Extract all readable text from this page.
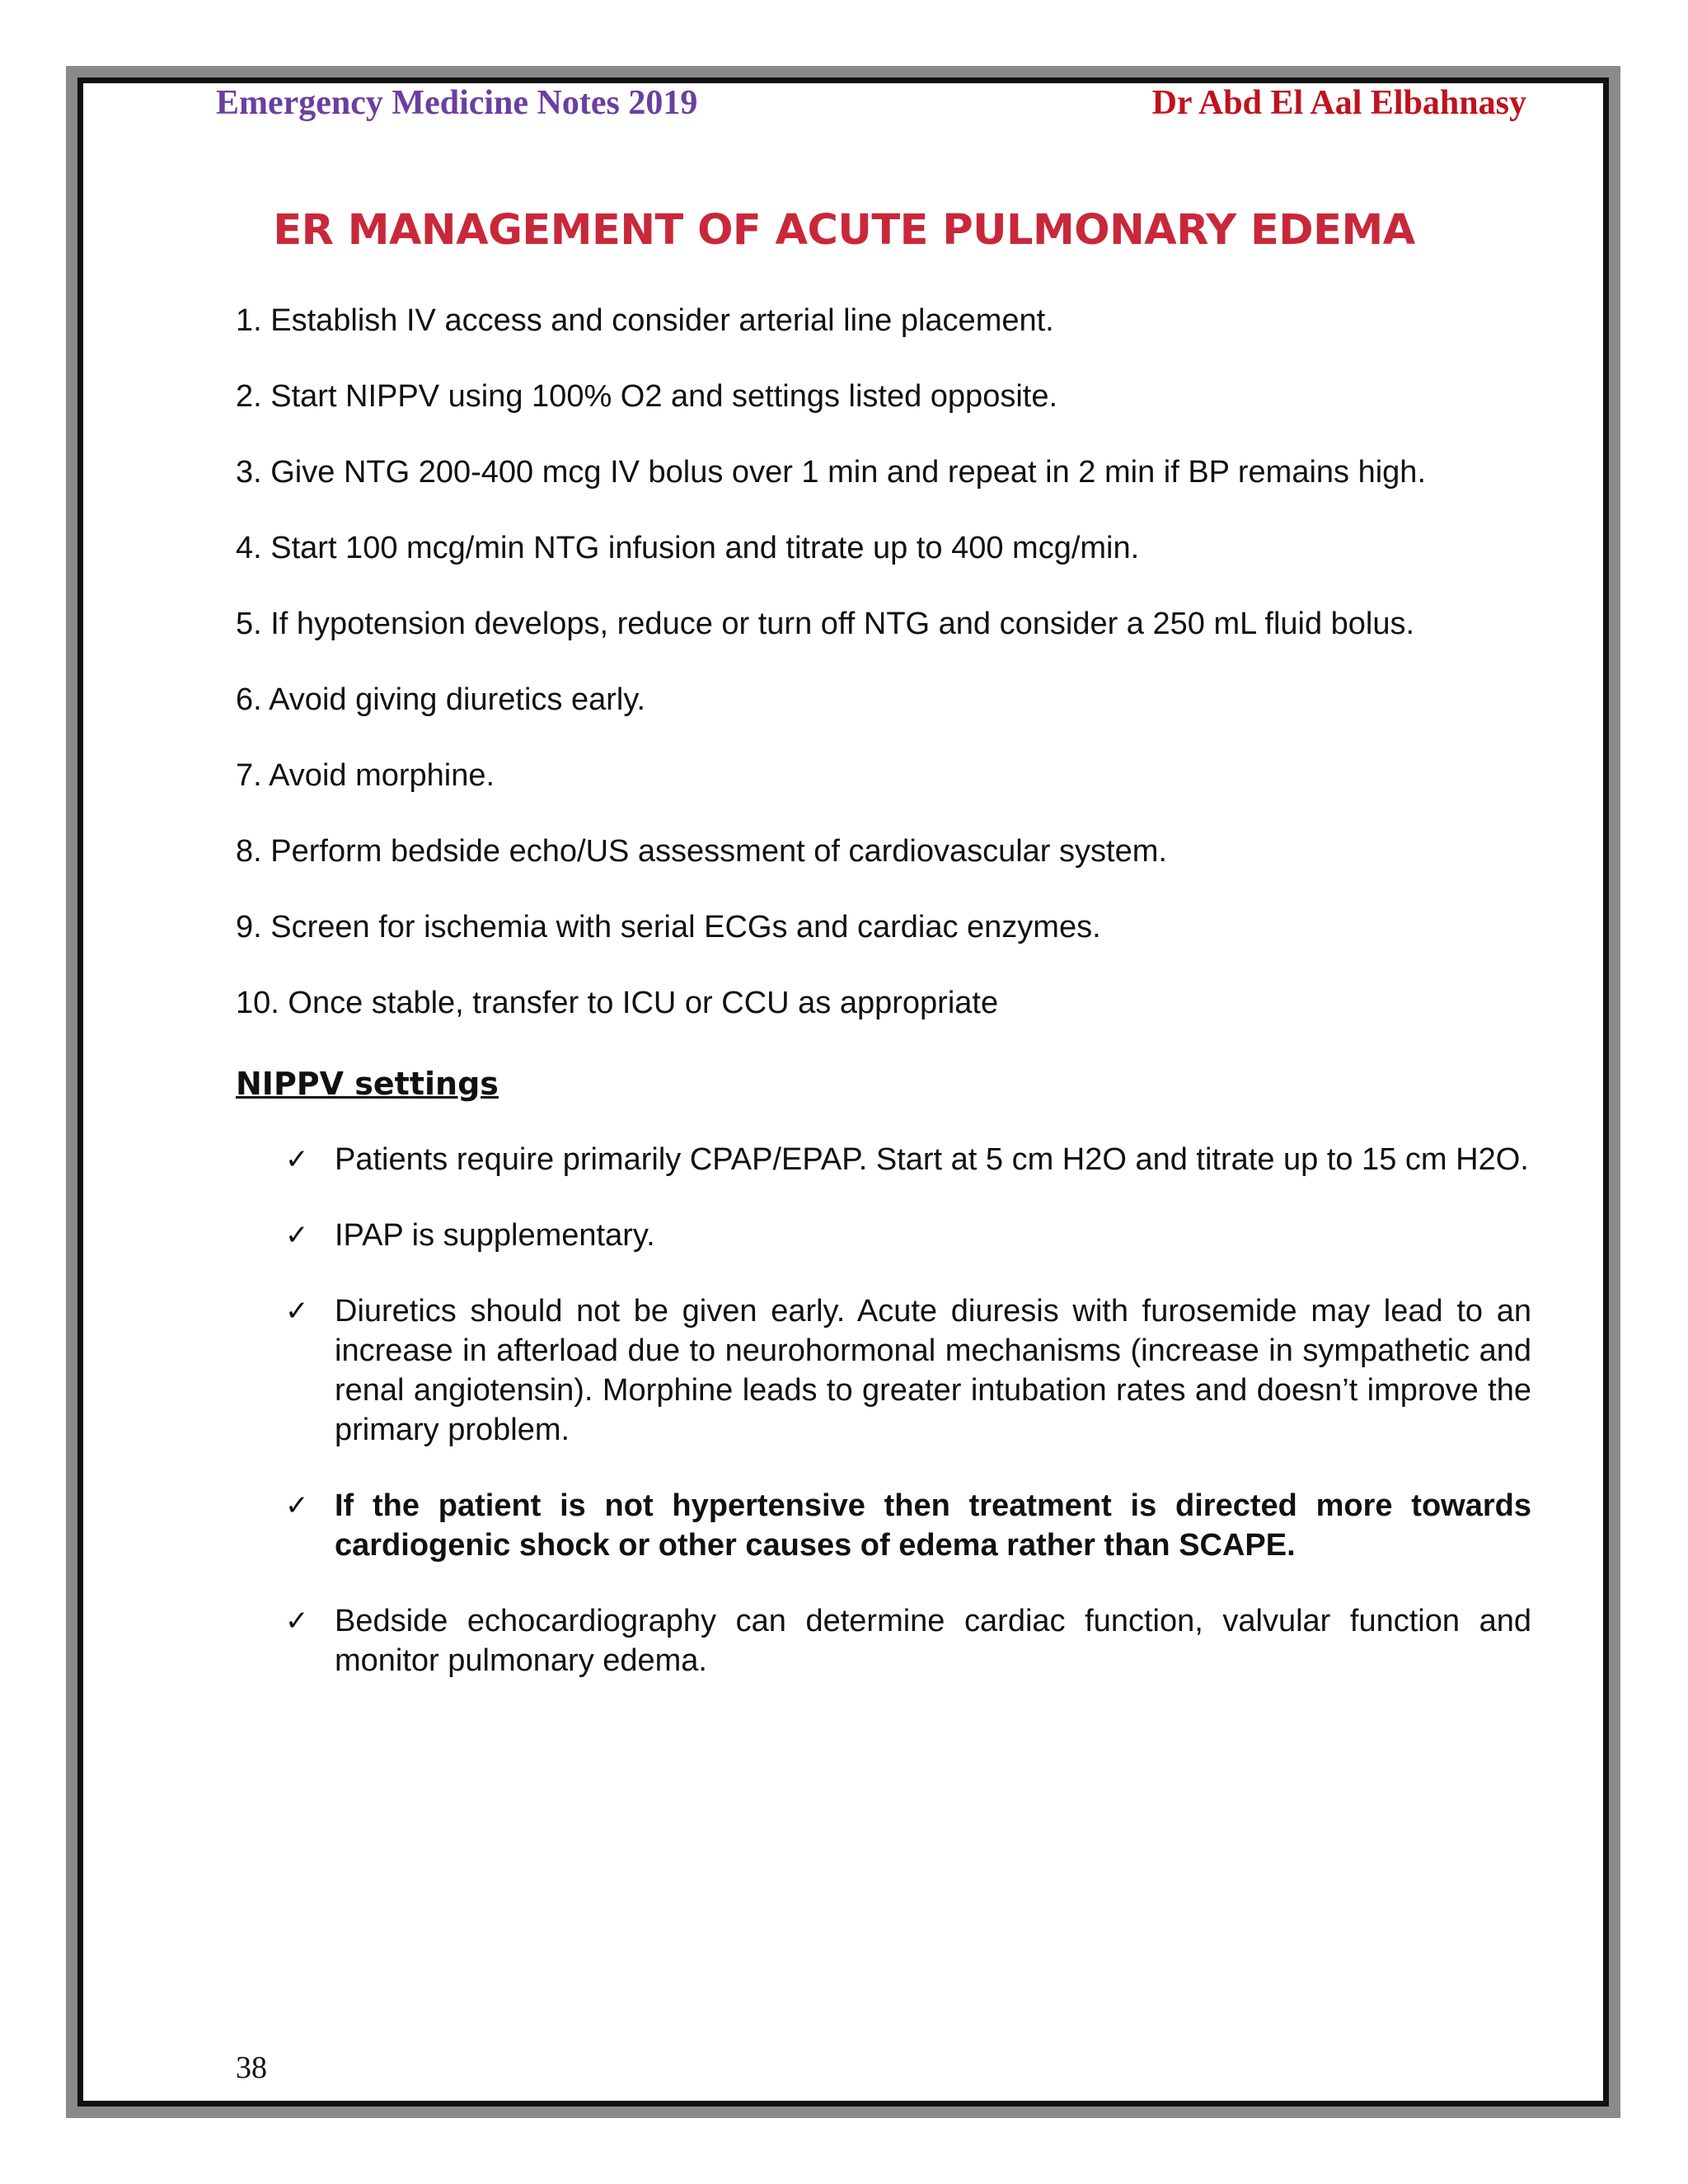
Emergency Medicine Notes 2019	Dr Abd El Aal Elbahnasy
ER MANAGEMENT OF ACUTE PULMONARY EDEMA

1. Establish IV access and consider arterial line placement.

2. Start NIPPV using 100% O2 and settings listed opposite.

3. Give NTG 200-400 mcg IV bolus over 1 min and repeat in 2 min if BP remains high.

4. Start 100 mcg/min NTG infusion and titrate up to 400 mcg/min.

5. If hypotension develops, reduce or turn off NTG and consider a 250 mL fluid bolus.

6. Avoid giving diuretics early.

7. Avoid morphine.

8. Perform bedside echo/US assessment of cardiovascular system.

9. Screen for ischemia with serial ECGs and cardiac enzymes.

10. Once stable, transfer to ICU or CCU as appropriate

NIPPV settings
✓ Patients require primarily CPAP/EPAP. Start at 5 cm H2O and titrate up to 15 cm H2O.
✓ IPAP is supplementary.
✓ Diuretics should not be given early. Acute diuresis with furosemide may lead to an increase in afterload due to neurohormonal mechanisms (increase in sympathetic and renal angiotensin). Morphine leads to greater intubation rates and doesn’t improve the primary problem.
✓ If the patient is not hypertensive then treatment is directed more towards cardiogenic shock or other causes of edema rather than SCAPE.
✓ Bedside echocardiography can determine cardiac function, valvular function and monitor pulmonary edema.
38
